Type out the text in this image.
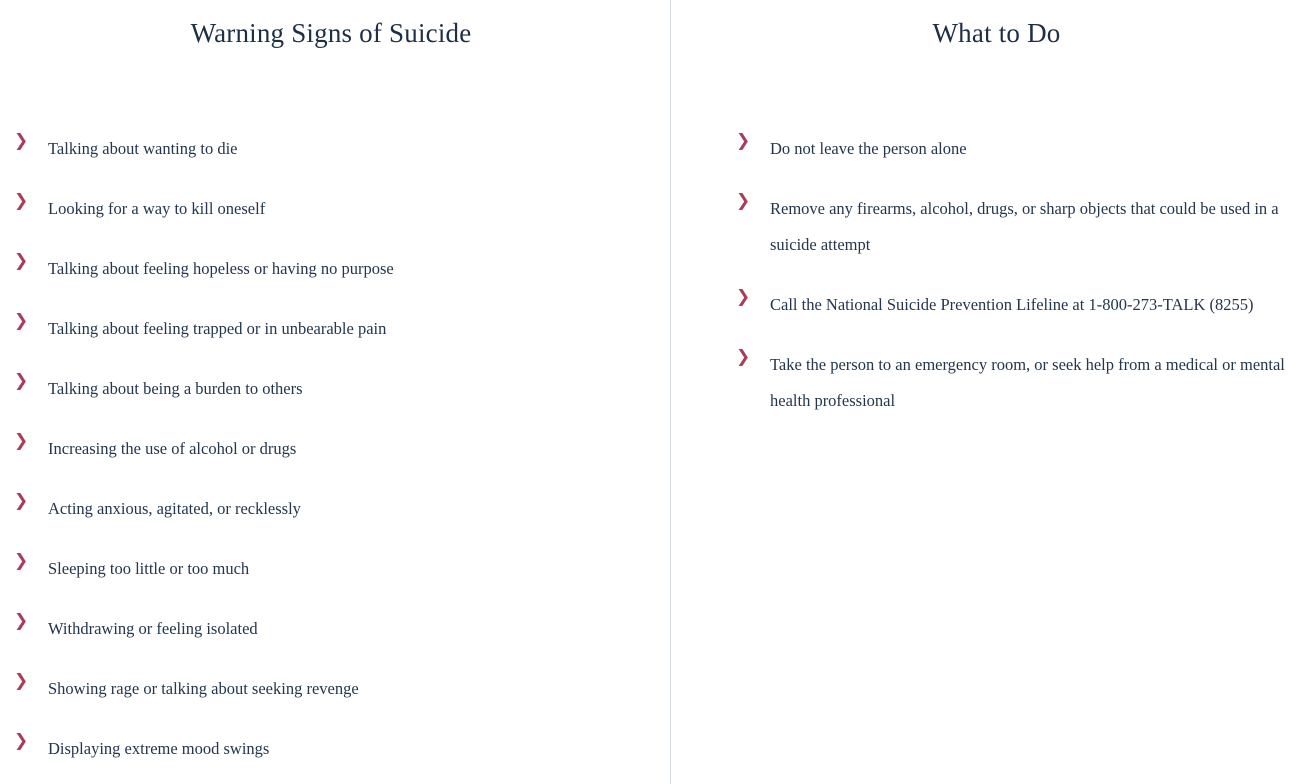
Warning Signs of Suicide
❯	Talking about wanting to die
❯	Looking for a way to kill oneself
❯	Talking about feeling hopeless or having no purpose
❯	Talking about feeling trapped or in unbearable pain
❯	Talking about being a burden to others
❯	Increasing the use of alcohol or drugs
❯	Acting anxious, agitated, or recklessly
❯	Sleeping too little or too much
❯	Withdrawing or feeling isolated
❯	Showing rage or talking about seeking revenge
❯	Displaying extreme mood swings
What to Do
❯	Do not leave the person alone
❯	Remove any firearms, alcohol, drugs, or sharp objects that could be used in a suicide attempt
❯	Call the National Suicide Prevention Lifeline at 1-800-273-TALK (8255)
❯	Take the person to an emergency room, or seek help from a medical or mental health professional
